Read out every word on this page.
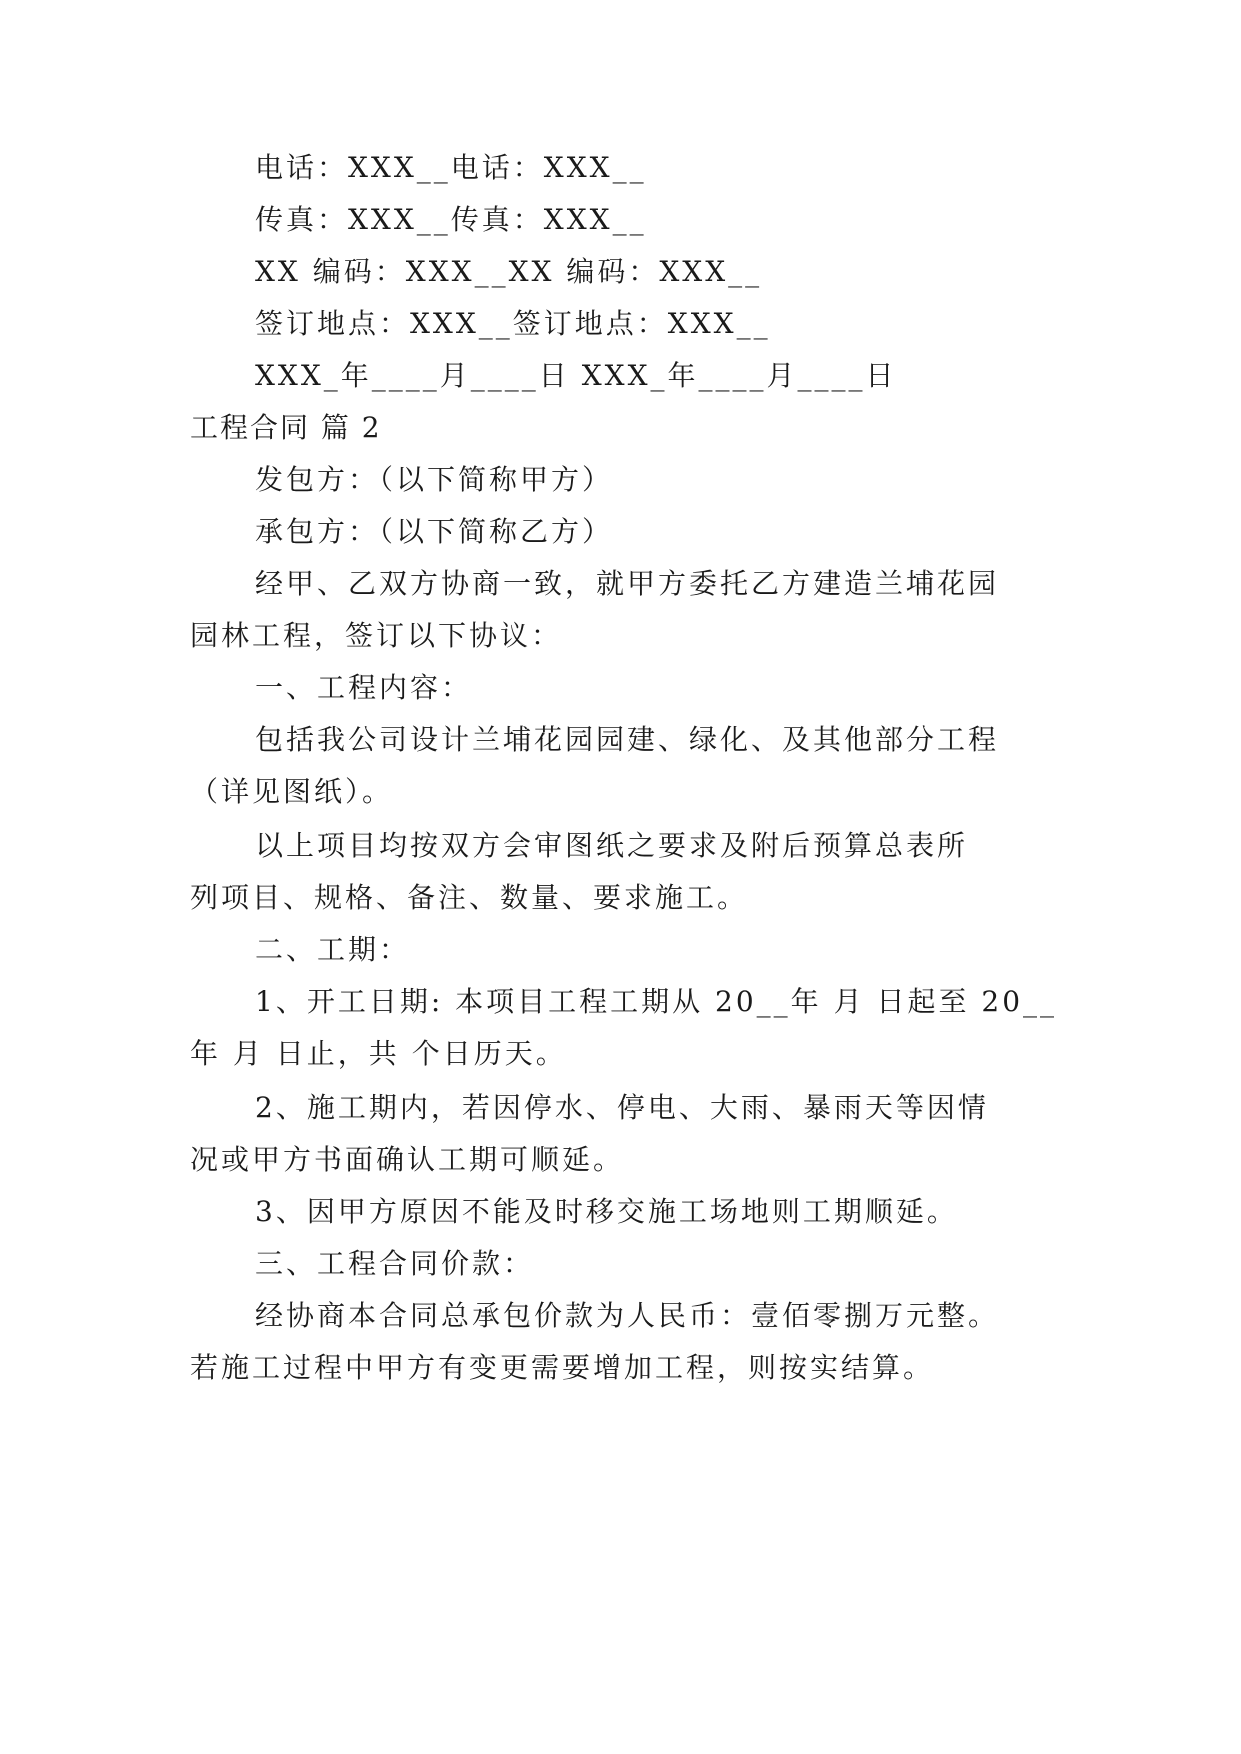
电话：XXX__电话：XXX__
传真：XXX__传真：XXX__
XX 编码：XXX__XX 编码：XXX__
签订地点：XXX__签订地点：XXX__
XXX_年____月____日 XXX_年____月____日
工程合同 篇 2
发包方：（以下简称甲方）
承包方：（以下简称乙方）
经甲、乙双方协商一致，就甲方委托乙方建造兰埔花园
园林工程，签订以下协议：
一、工程内容：
包括我公司设计兰埔花园园建、绿化、及其他部分工程
（详见图纸）。
以上项目均按双方会审图纸之要求及附后预算总表所
列项目、规格、备注、数量、要求施工。
二、工期：
1、开工日期: 本项目工程工期从 20__年 月 日起至 20__
年 月 日止，共 个日历天。
2、施工期内，若因停水、停电、大雨、暴雨天等因情
况或甲方书面确认工期可顺延。
3、因甲方原因不能及时移交施工场地则工期顺延。
三、工程合同价款：
经协商本合同总承包价款为人民币：壹佰零捌万元整。
若施工过程中甲方有变更需要增加工程，则按实结算。
